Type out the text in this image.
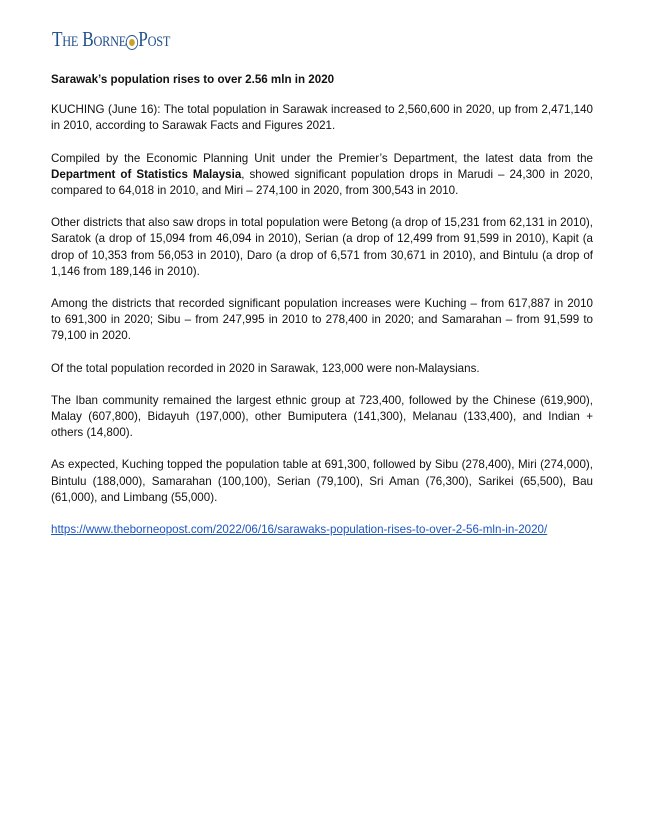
THE BORNE POST
Sarawak’s population rises to over 2.56 mln in 2020

KUCHING (June 16): The total population in Sarawak increased to 2,560,600 in 2020, up from 2,471,140 in 2010, according to Sarawak Facts and Figures 2021.

Compiled by the Economic Planning Unit under the Premier’s Department, the latest data from the Department of Statistics Malaysia, showed significant population drops in Marudi – 24,300 in 2020, compared to 64,018 in 2010, and Miri – 274,100 in 2020, from 300,543 in 2010.

Other districts that also saw drops in total population were Betong (a drop of 15,231 from 62,131 in 2010), Saratok (a drop of 15,094 from 46,094 in 2010), Serian (a drop of 12,499 from 91,599 in 2010), Kapit (a drop of 10,353 from 56,053 in 2010), Daro (a drop of 6,571 from 30,671 in 2010), and Bintulu (a drop of 1,146 from 189,146 in 2010).

Among the districts that recorded significant population increases were Kuching – from 617,887 in 2010 to 691,300 in 2020; Sibu – from 247,995 in 2010 to 278,400 in 2020; and Samarahan – from 91,599 to 79,100 in 2020.

Of the total population recorded in 2020 in Sarawak, 123,000 were non-Malaysians.

The Iban community remained the largest ethnic group at 723,400, followed by the Chinese (619,900), Malay (607,800), Bidayuh (197,000), other Bumiputera (141,300), Melanau (133,400), and Indian + others (14,800).

As expected, Kuching topped the population table at 691,300, followed by Sibu (278,400), Miri (274,000), Bintulu (188,000), Samarahan (100,100), Serian (79,100), Sri Aman (76,300), Sarikei (65,500), Bau (61,000), and Limbang (55,000).

https://www.theborneopost.com/2022/06/16/sarawaks-population-rises-to-over-2-56-mln-in-2020/
